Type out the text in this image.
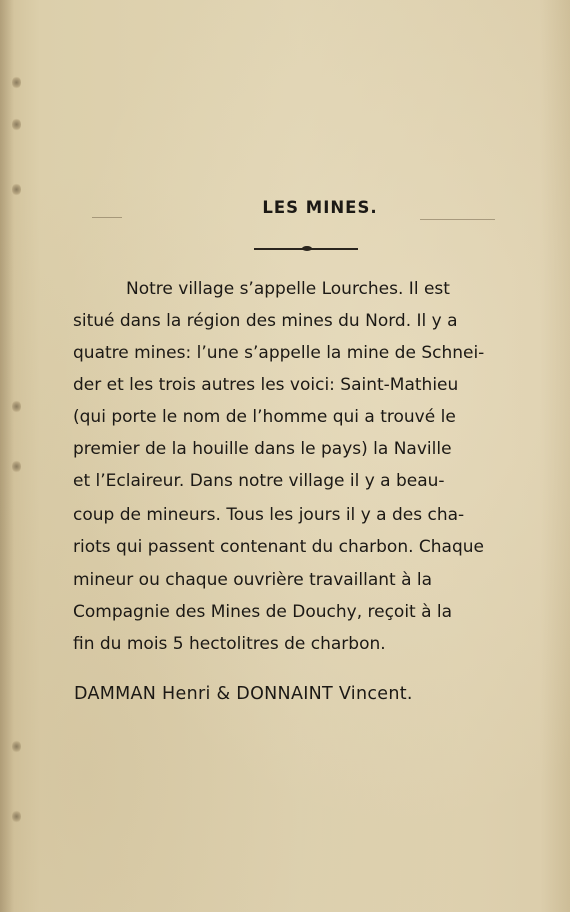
LES MINES.
Notre village s’appelle Lourches. Il est
situé dans la région des mines du Nord. Il y a
quatre mines: l’une s’appelle la mine de Schnei-
der et les trois autres les voici: Saint-Mathieu
(qui porte le nom de l’homme qui a trouvé le
premier de la houille dans le pays) la Naville
et l’Eclaireur. Dans notre village il y a beau-
coup de mineurs. Tous les jours il y a des cha-
riots qui passent contenant du charbon. Chaque
mineur ou chaque ouvrière travaillant à la
Compagnie des Mines de Douchy, reçoit à la
fin du mois 5 hectolitres de charbon.
DAMMAN Henri & DONNAINT Vincent.
